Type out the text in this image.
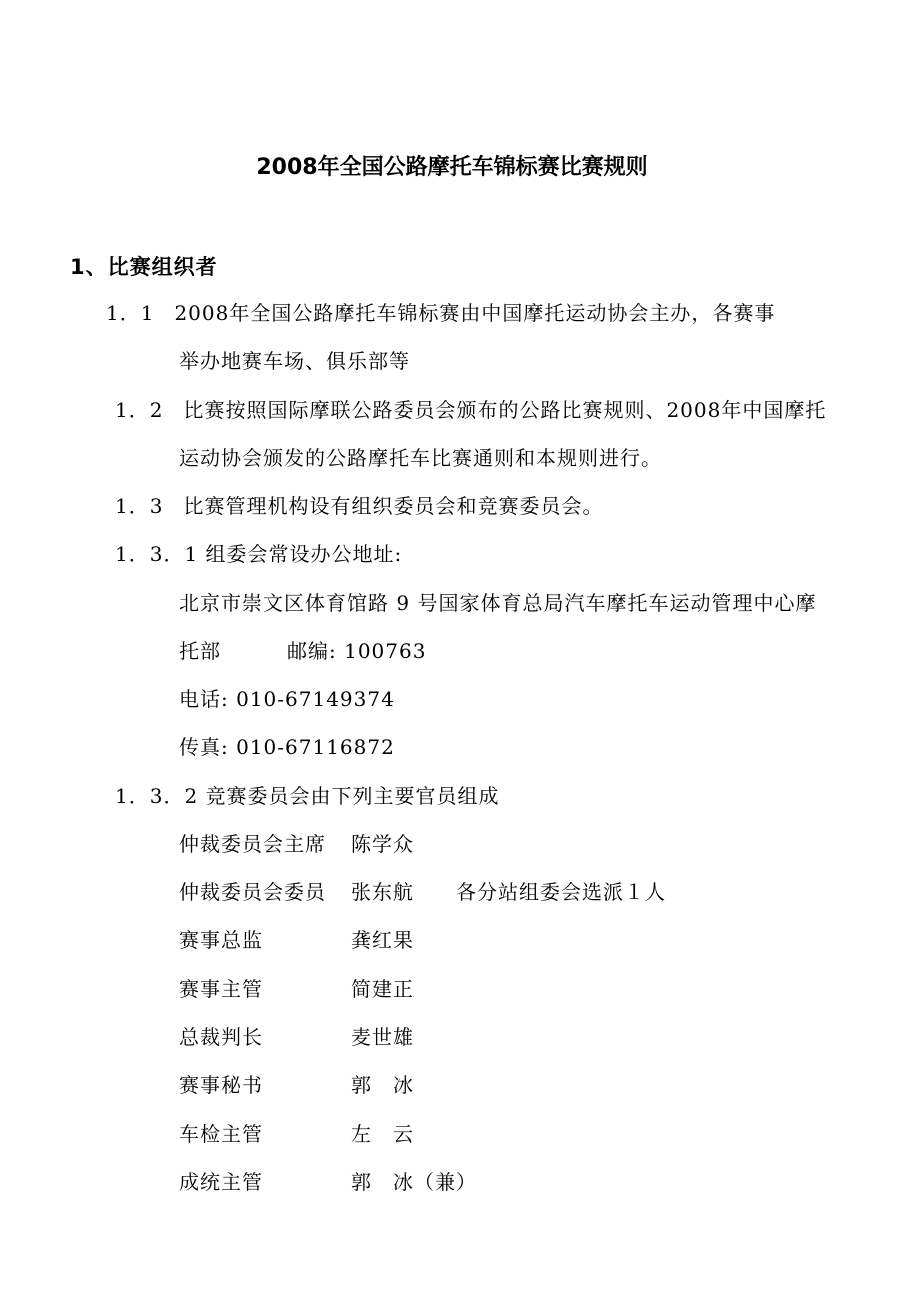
2008年全国公路摩托车锦标赛比赛规则
1、比赛组织者
1．1 2008年全国公路摩托车锦标赛由中国摩托运动协会主办，各赛事
举办地赛车场、俱乐部等
1．2 比赛按照国际摩联公路委员会颁布的公路比赛规则、2008年中国摩托
运动协会颁发的公路摩托车比赛通则和本规则进行。
1．3 比赛管理机构设有组织委员会和竞赛委员会。
1．3．1 组委会常设办公地址:
北京市崇文区体育馆路 9 号国家体育总局汽车摩托车运动管理中心摩
托部	邮编: 100763
电话: 010-67149374
传真: 010-67116872
1．3．2 竞赛委员会由下列主要官员组成
仲裁委员会主席 陈学众
仲裁委员会委员 张东航 各分站组委会选派１人
赛事总监	龚红果
赛事主管	简建正
总裁判长	麦世雄
赛事秘书	郭　冰
车检主管	左　云
成统主管	郭　冰（兼）
